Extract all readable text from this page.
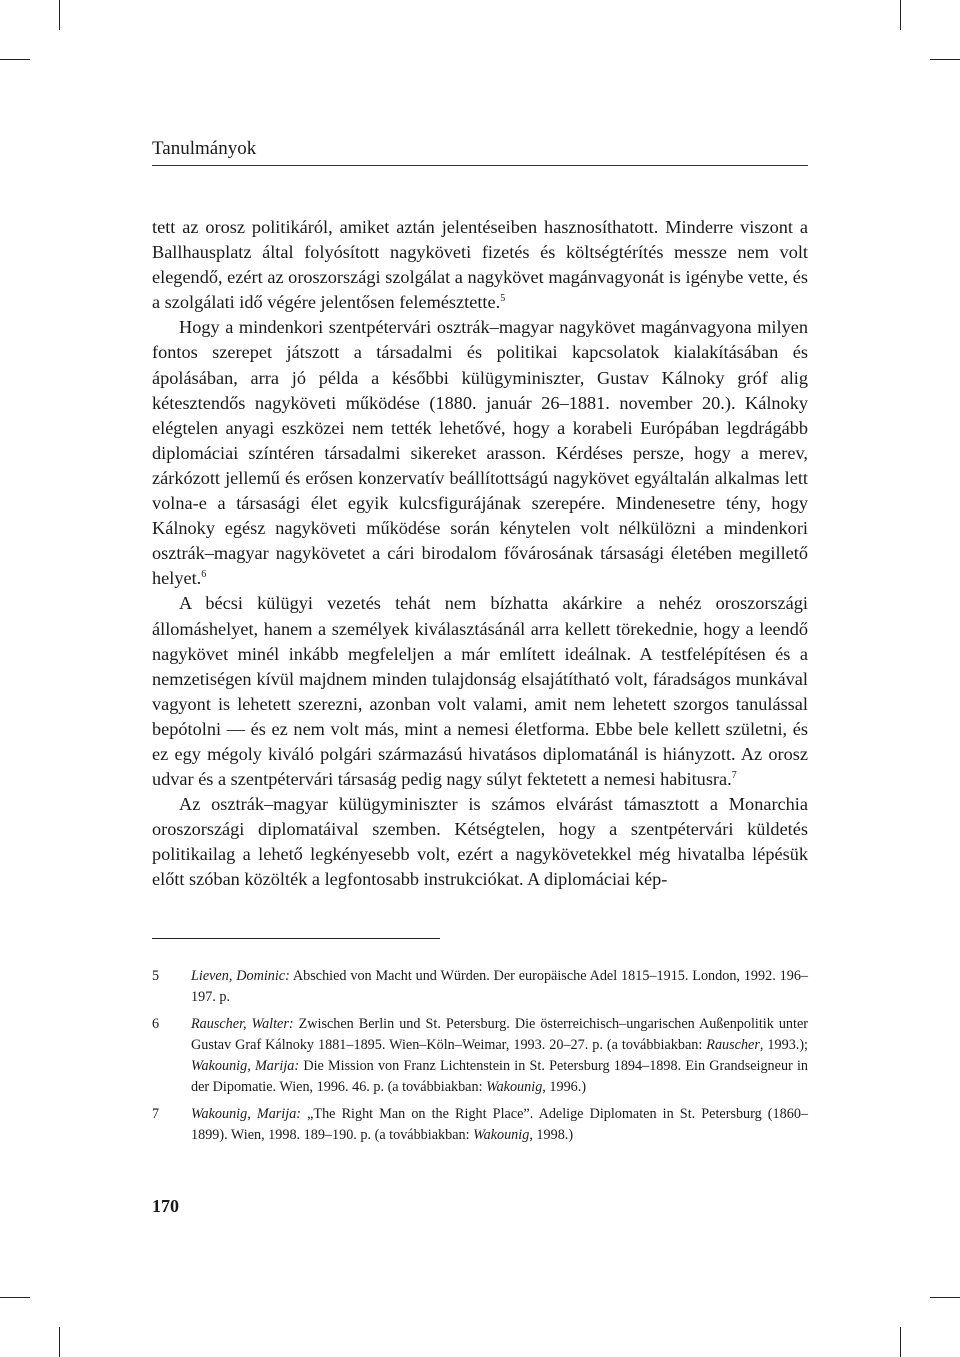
Tanulmányok

tett az orosz politikáról, amiket aztán jelentéseiben hasznosíthatott. Minderre viszont a Ballhausplatz által folyósított nagyköveti fizetés és költségtérítés messze nem volt elegendő, ezért az oroszországi szolgálat a nagykövet magánvagyonát is igénybe vette, és a szolgálati idő végére jelentősen felemésztette.$^5$

Hogy a mindenkori szentpétervári osztrák–magyar nagykövet magánvagyona milyen fontos szerepet játszott a társadalmi és politikai kapcsolatok kialakításában és ápolásában, arra jó példa a későbbi külügyminiszter, Gustav Kálnoky gróf alig kétesztendős nagyköveti működése (1880. január 26–1881. november 20.). Kálnoky elégtelen anyagi eszközei nem tették lehetővé, hogy a korabeli Európában legdrágább diplomáciai színtéren társadalmi sikereket arasson. Kérdéses persze, hogy a merev, zárkózott jellemű és erősen konzervatív beállítottságú nagykövet egyáltalán alkalmas lett volna-e a társasági élet egyik kulcsfigurájának szerepére. Mindenesetre tény, hogy Kálnoky egész nagyköveti működése során kénytelen volt nélkülözni a mindenkori osztrák–magyar nagykövetet a cári birodalom fővárosának társasági életében megillető helyet.$^6$

A bécsi külügyi vezetés tehát nem bízhatta akárkire a nehéz oroszországi állomáshelyet, hanem a személyek kiválasztásánál arra kellett törekednie, hogy a leendő nagykövet minél inkább megfeleljen a már említett ideálnak. A testfelépítésen és a nemzetiségen kívül majdnem minden tulajdonság elsajátítható volt, fáradságos munkával vagyont is lehetett szerezni, azonban volt valami, amit nem lehetett szorgos tanulással bepótolni — és ez nem volt más, mint a nemesi életforma. Ebbe bele kellett születni, és ez egy mégoly kiváló polgári származású hivatásos diplomatánál is hiányzott. Az orosz udvar és a szentpétervári társaság pedig nagy súlyt fektetett a nemesi habitusra.$^7$

Az osztrák–magyar külügyminiszter is számos elvárást támasztott a Monarchia oroszországi diplomatáival szemben. Kétségtelen, hogy a szentpétervári küldetés politikailag a lehető legkényesebb volt, ezért a nagykövetekkel még hivatalba lépésük előtt szóban közölték a legfontosabb instrukciókat. A diplomáciai kép-

5 Lieven, Dominic: Abschied von Macht und Würden. Der europäische Adel 1815–1915. London, 1992. 196–197. p.
6 Rauscher, Walter: Zwischen Berlin und St. Petersburg. Die österreichisch–ungarischen Außenpolitik unter Gustav Graf Kálnoky 1881–1895. Wien–Köln–Weimar, 1993. 20–27. p. (a továbbiakban: Rauscher, 1993.); Wakounig, Marija: Die Mission von Franz Lichtenstein in St. Petersburg 1894–1898. Ein Grandseigneur in der Dipomatie. Wien, 1996. 46. p. (a továbbiakban: Wakounig, 1996.)
7 Wakounig, Marija: „The Right Man on the Right Place”. Adelige Diplomaten in St. Petersburg (1860–1899). Wien, 1998. 189–190. p. (a továbbiakban: Wakounig, 1998.)
170
